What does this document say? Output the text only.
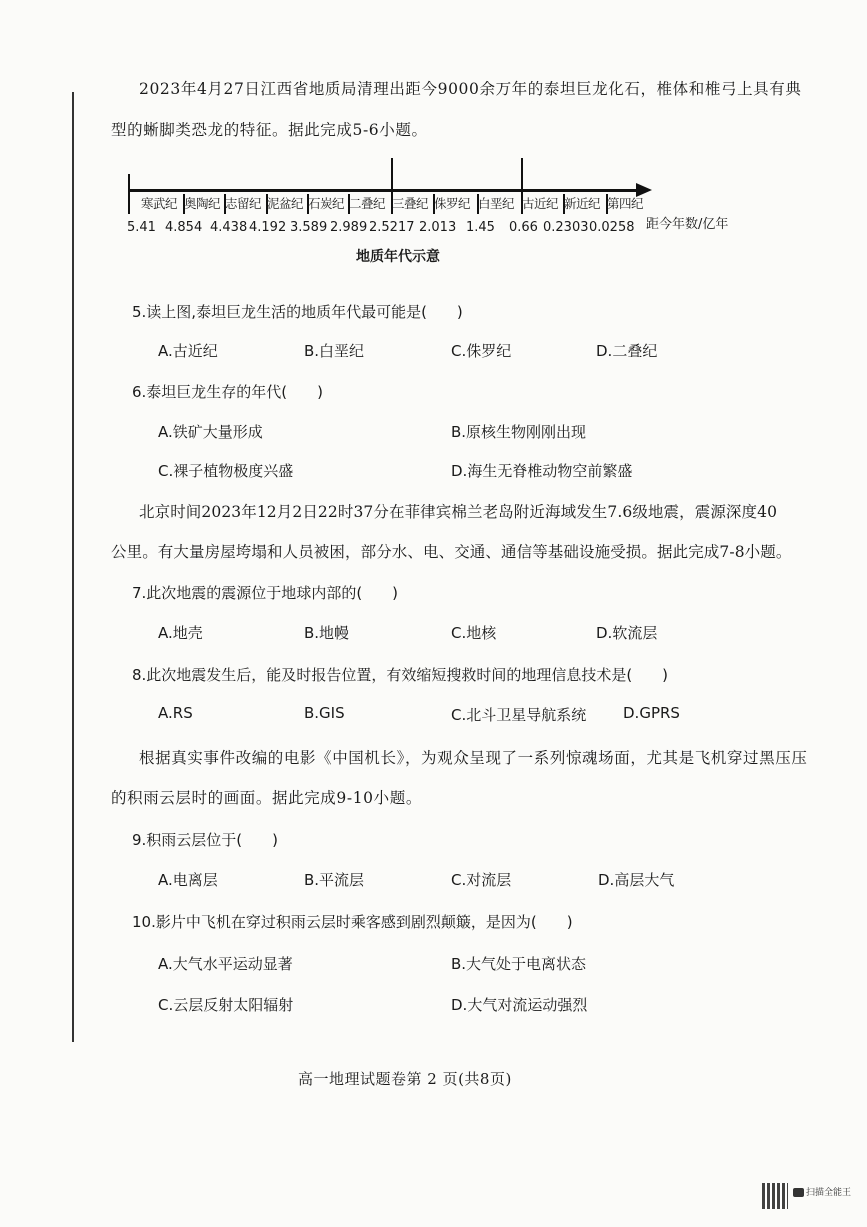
2023年4月27日江西省地质局清理出距今9000余万年的泰坦巨龙化石，椎体和椎弓上具有典
型的蜥脚类恐龙的特征。据此完成5-6小题。
寒武纪 奥陶纪 志留纪 泥盆纪 石炭纪 二叠纪 三叠纪 侏罗纪 白垩纪 古近纪 新近纪 第四纪
5.41 4.854 4.438 4.192 3.589 2.989 2.5217 2.013 1.45 0.66 0.2303 0.0258 距今年数/亿年
地质年代示意
5.读上图,泰坦巨龙生活的地质年代最可能是(　　)
A.古近纪	B.白垩纪	C.侏罗纪	D.二叠纪
6.泰坦巨龙生存的年代(　　)
A.铁矿大量形成	B.原核生物刚刚出现
C.裸子植物极度兴盛	D.海生无脊椎动物空前繁盛
北京时间2023年12月2日22时37分在菲律宾棉兰老岛附近海域发生7.6级地震，震源深度40
公里。有大量房屋垮塌和人员被困，部分水、电、交通、通信等基础设施受损。据此完成7-8小题。
7.此次地震的震源位于地球内部的(　　)
A.地壳	B.地幔	C.地核	D.软流层
8.此次地震发生后，能及时报告位置，有效缩短搜救时间的地理信息技术是(　　)
A.RS	B.GIS	C.北斗卫星导航系统 D.GPRS
根据真实事件改编的电影《中国机长》，为观众呈现了一系列惊魂场面，尤其是飞机穿过黑压压
的积雨云层时的画面。据此完成9-10小题。
9.积雨云层位于(　　)
A.电离层	B.平流层	C.对流层	D.高层大气
10.影片中飞机在穿过积雨云层时乘客感到剧烈颠簸，是因为(　　)
A.大气水平运动显著	B.大气处于电离状态
C.云层反射太阳辐射	D.大气对流运动强烈
高一地理试题卷第 2 页(共8页)
扫描全能王
